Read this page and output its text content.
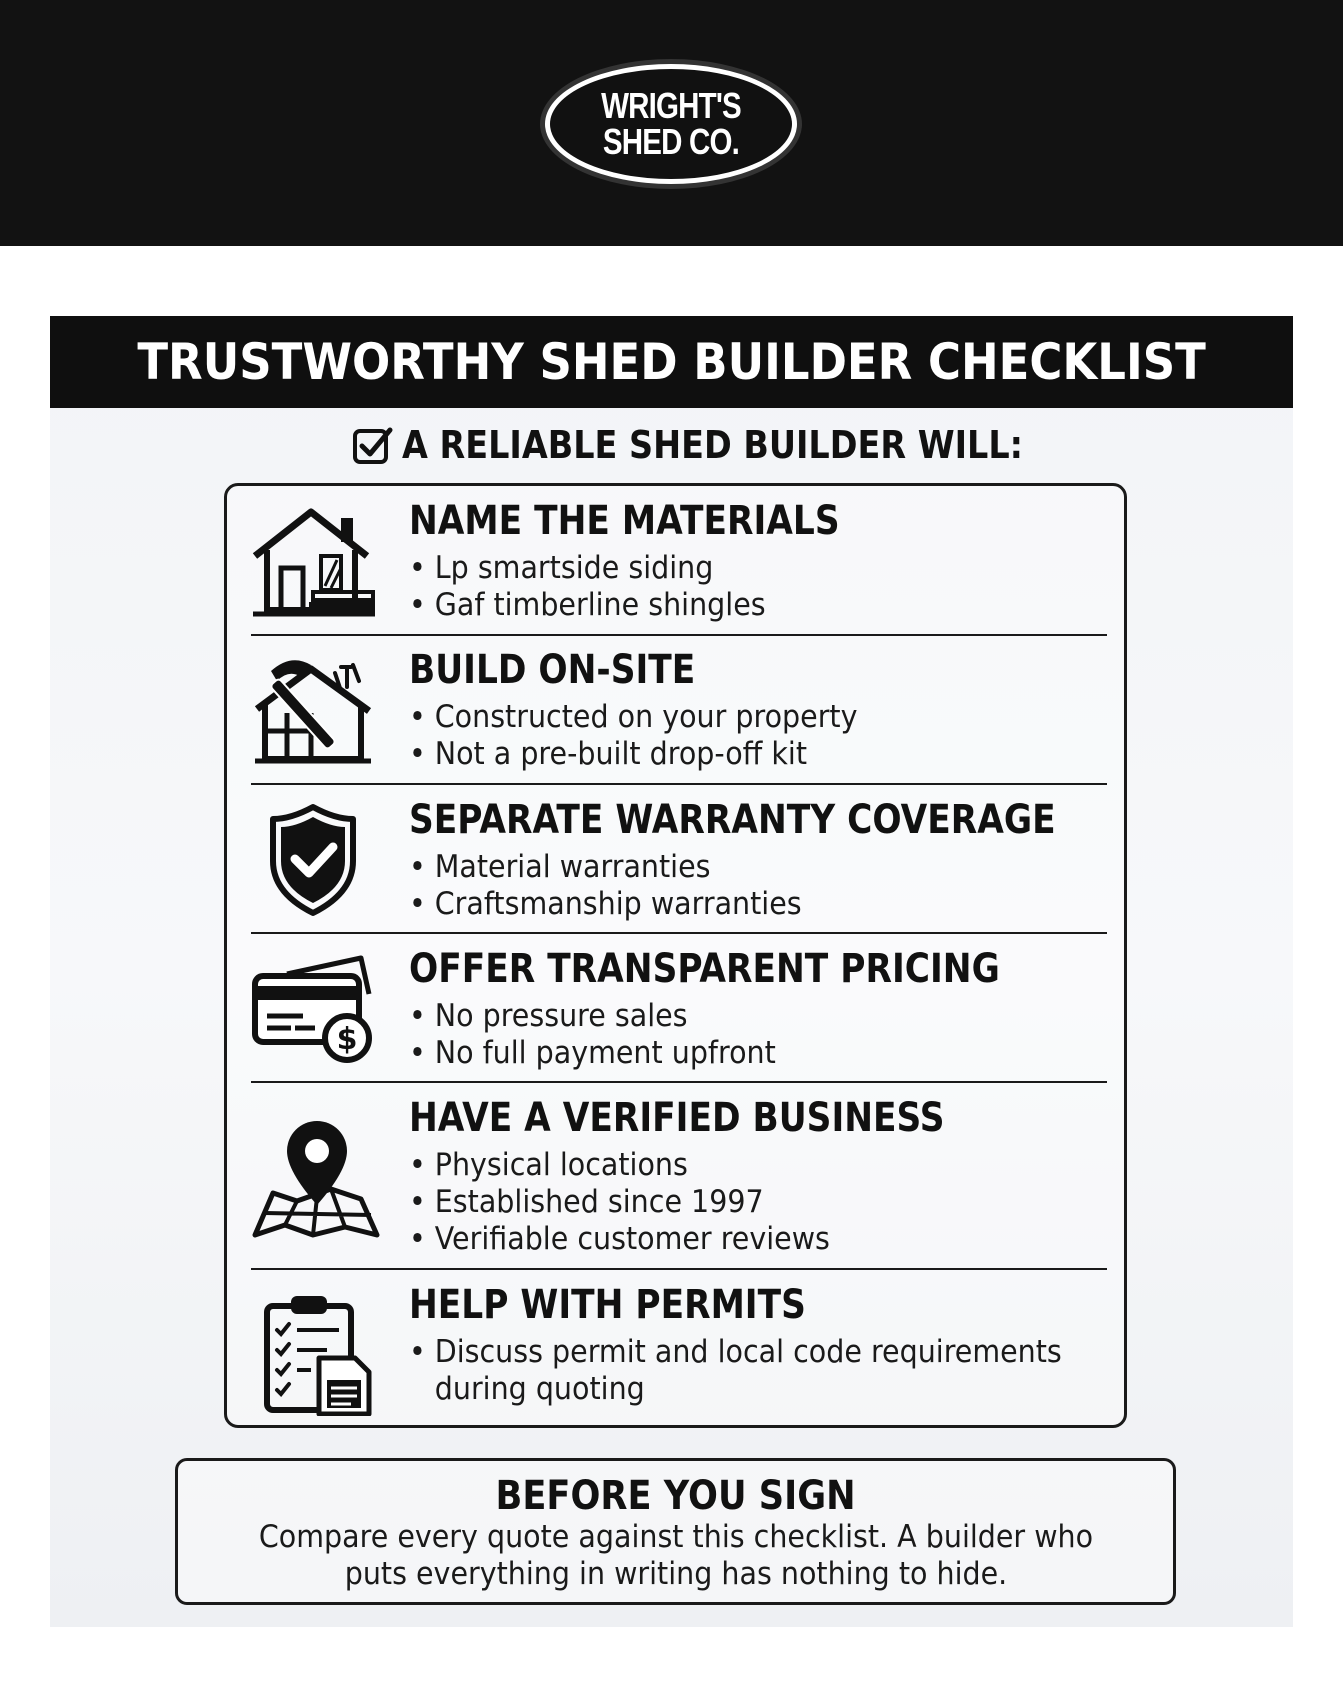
WRIGHT'S
SHED CO.
TRUSTWORTHY SHED BUILDER CHECKLIST
A RELIABLE SHED BUILDER WILL:
NAME THE MATERIALS
• Lp smartside siding
• Gaf timberline shingles
BUILD ON-SITE
• Constructed on your property
• Not a pre-built drop-off kit
SEPARATE WARRANTY COVERAGE
• Material warranties
• Craftsmanship warranties
$
OFFER TRANSPARENT PRICING
• No pressure sales
• No full payment upfront
HAVE A VERIFIED BUSINESS
• Physical locations
• Established since 1997
• Verifiable customer reviews
HELP WITH PERMITS
• Discuss permit and local code requirements during quoting
BEFORE YOU SIGN
Compare every quote against this checklist. A builder who puts everything in writing has nothing to hide.
